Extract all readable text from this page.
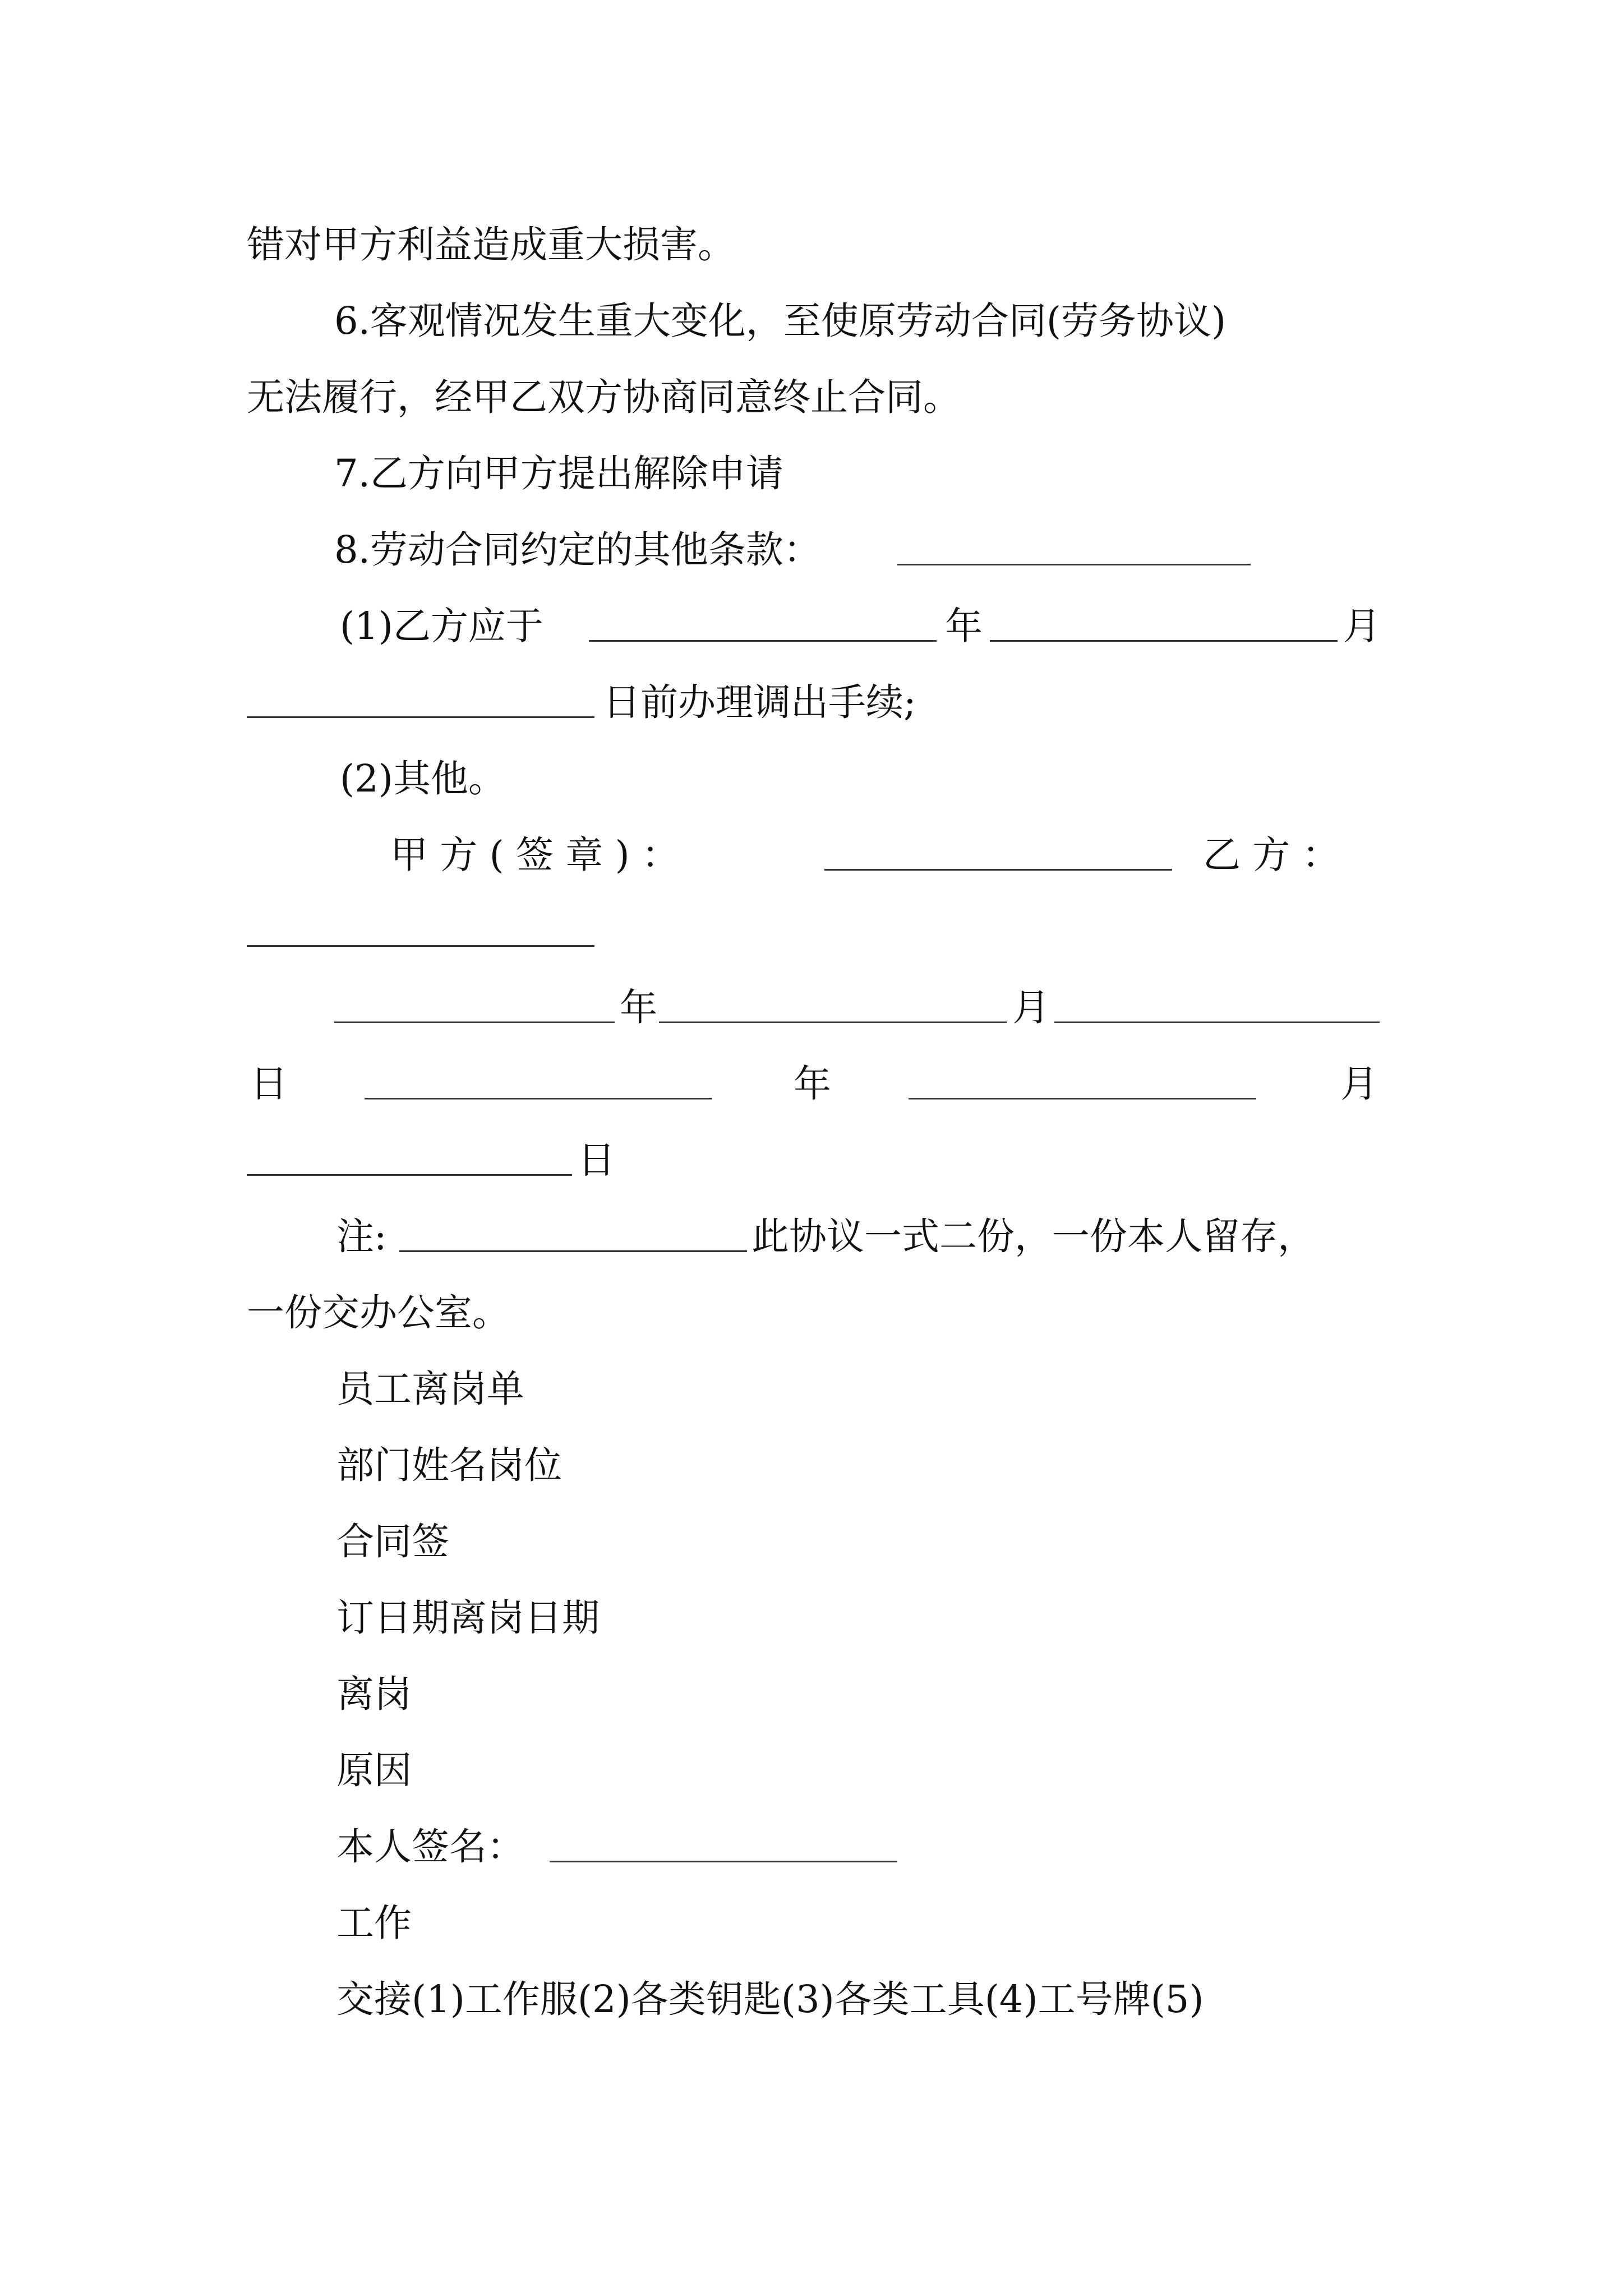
错对甲方利益造成重大损害。
6.客观情况发生重大变化，至使原劳动合同(劳务协议)
无法履行，经甲乙双方协商同意终止合同。
7.乙方向甲方提出解除申请
8.劳动合同约定的其他条款：
(1)乙方应于	年	月
日前办理调出手续;
(2)其他。
甲 方 ( 签 章 ) ：	乙 方 ：
年	月
日	年	月
日
注:	此协议一式二份，一份本人留存，
一份交办公室。
员工离岗单
部门姓名岗位
合同签
订日期离岗日期
离岗
原因
本人签名：
工作
交接(1)工作服(2)各类钥匙(3)各类工具(4)工号牌(5)
